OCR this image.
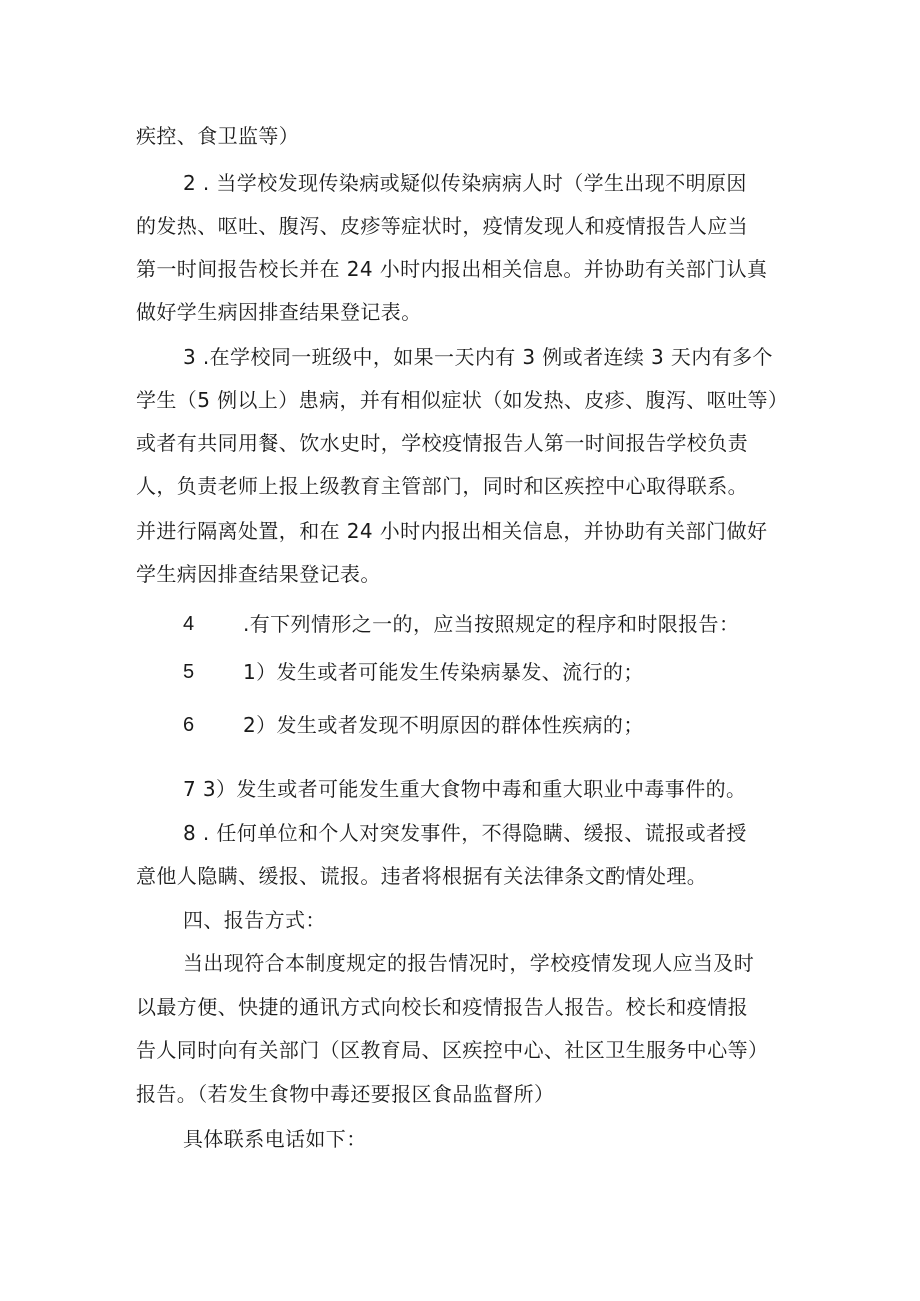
疾控、食卫监等）
2 . 当学校发现传染病或疑似传染病病人时（学生出现不明原因
的发热、呕吐、腹泻、皮疹等症状时，疫情发现人和疫情报告人应当
第一时间报告校长并在 24 小时内报出相关信息。并协助有关部门认真
做好学生病因排查结果登记表。
3 .在学校同一班级中，如果一天内有 3 例或者连续 3 天内有多个
学生（5 例以上）患病，并有相似症状（如发热、皮疹、腹泻、呕吐等）
或者有共同用餐、饮水史时，学校疫情报告人第一时间报告学校负责
人，负责老师上报上级教育主管部门，同时和区疾控中心取得联系。
并进行隔离处置，和在 24 小时内报出相关信息，并协助有关部门做好
学生病因排查结果登记表。
4 .有下列情形之一的，应当按照规定的程序和时限报告：
5 1）发生或者可能发生传染病暴发、流行的；
6 2）发生或者发现不明原因的群体性疾病的；
7 3）发生或者可能发生重大食物中毒和重大职业中毒事件的。
8 . 任何单位和个人对突发事件，不得隐瞒、缓报、谎报或者授
意他人隐瞒、缓报、谎报。违者将根据有关法律条文酌情处理。
四、报告方式：
当出现符合本制度规定的报告情况时，学校疫情发现人应当及时
以最方便、快捷的通讯方式向校长和疫情报告人报告。校长和疫情报
告人同时向有关部门（区教育局、区疾控中心、社区卫生服务中心等）
报告。（若发生食物中毒还要报区食品监督所）
具体联系电话如下：
